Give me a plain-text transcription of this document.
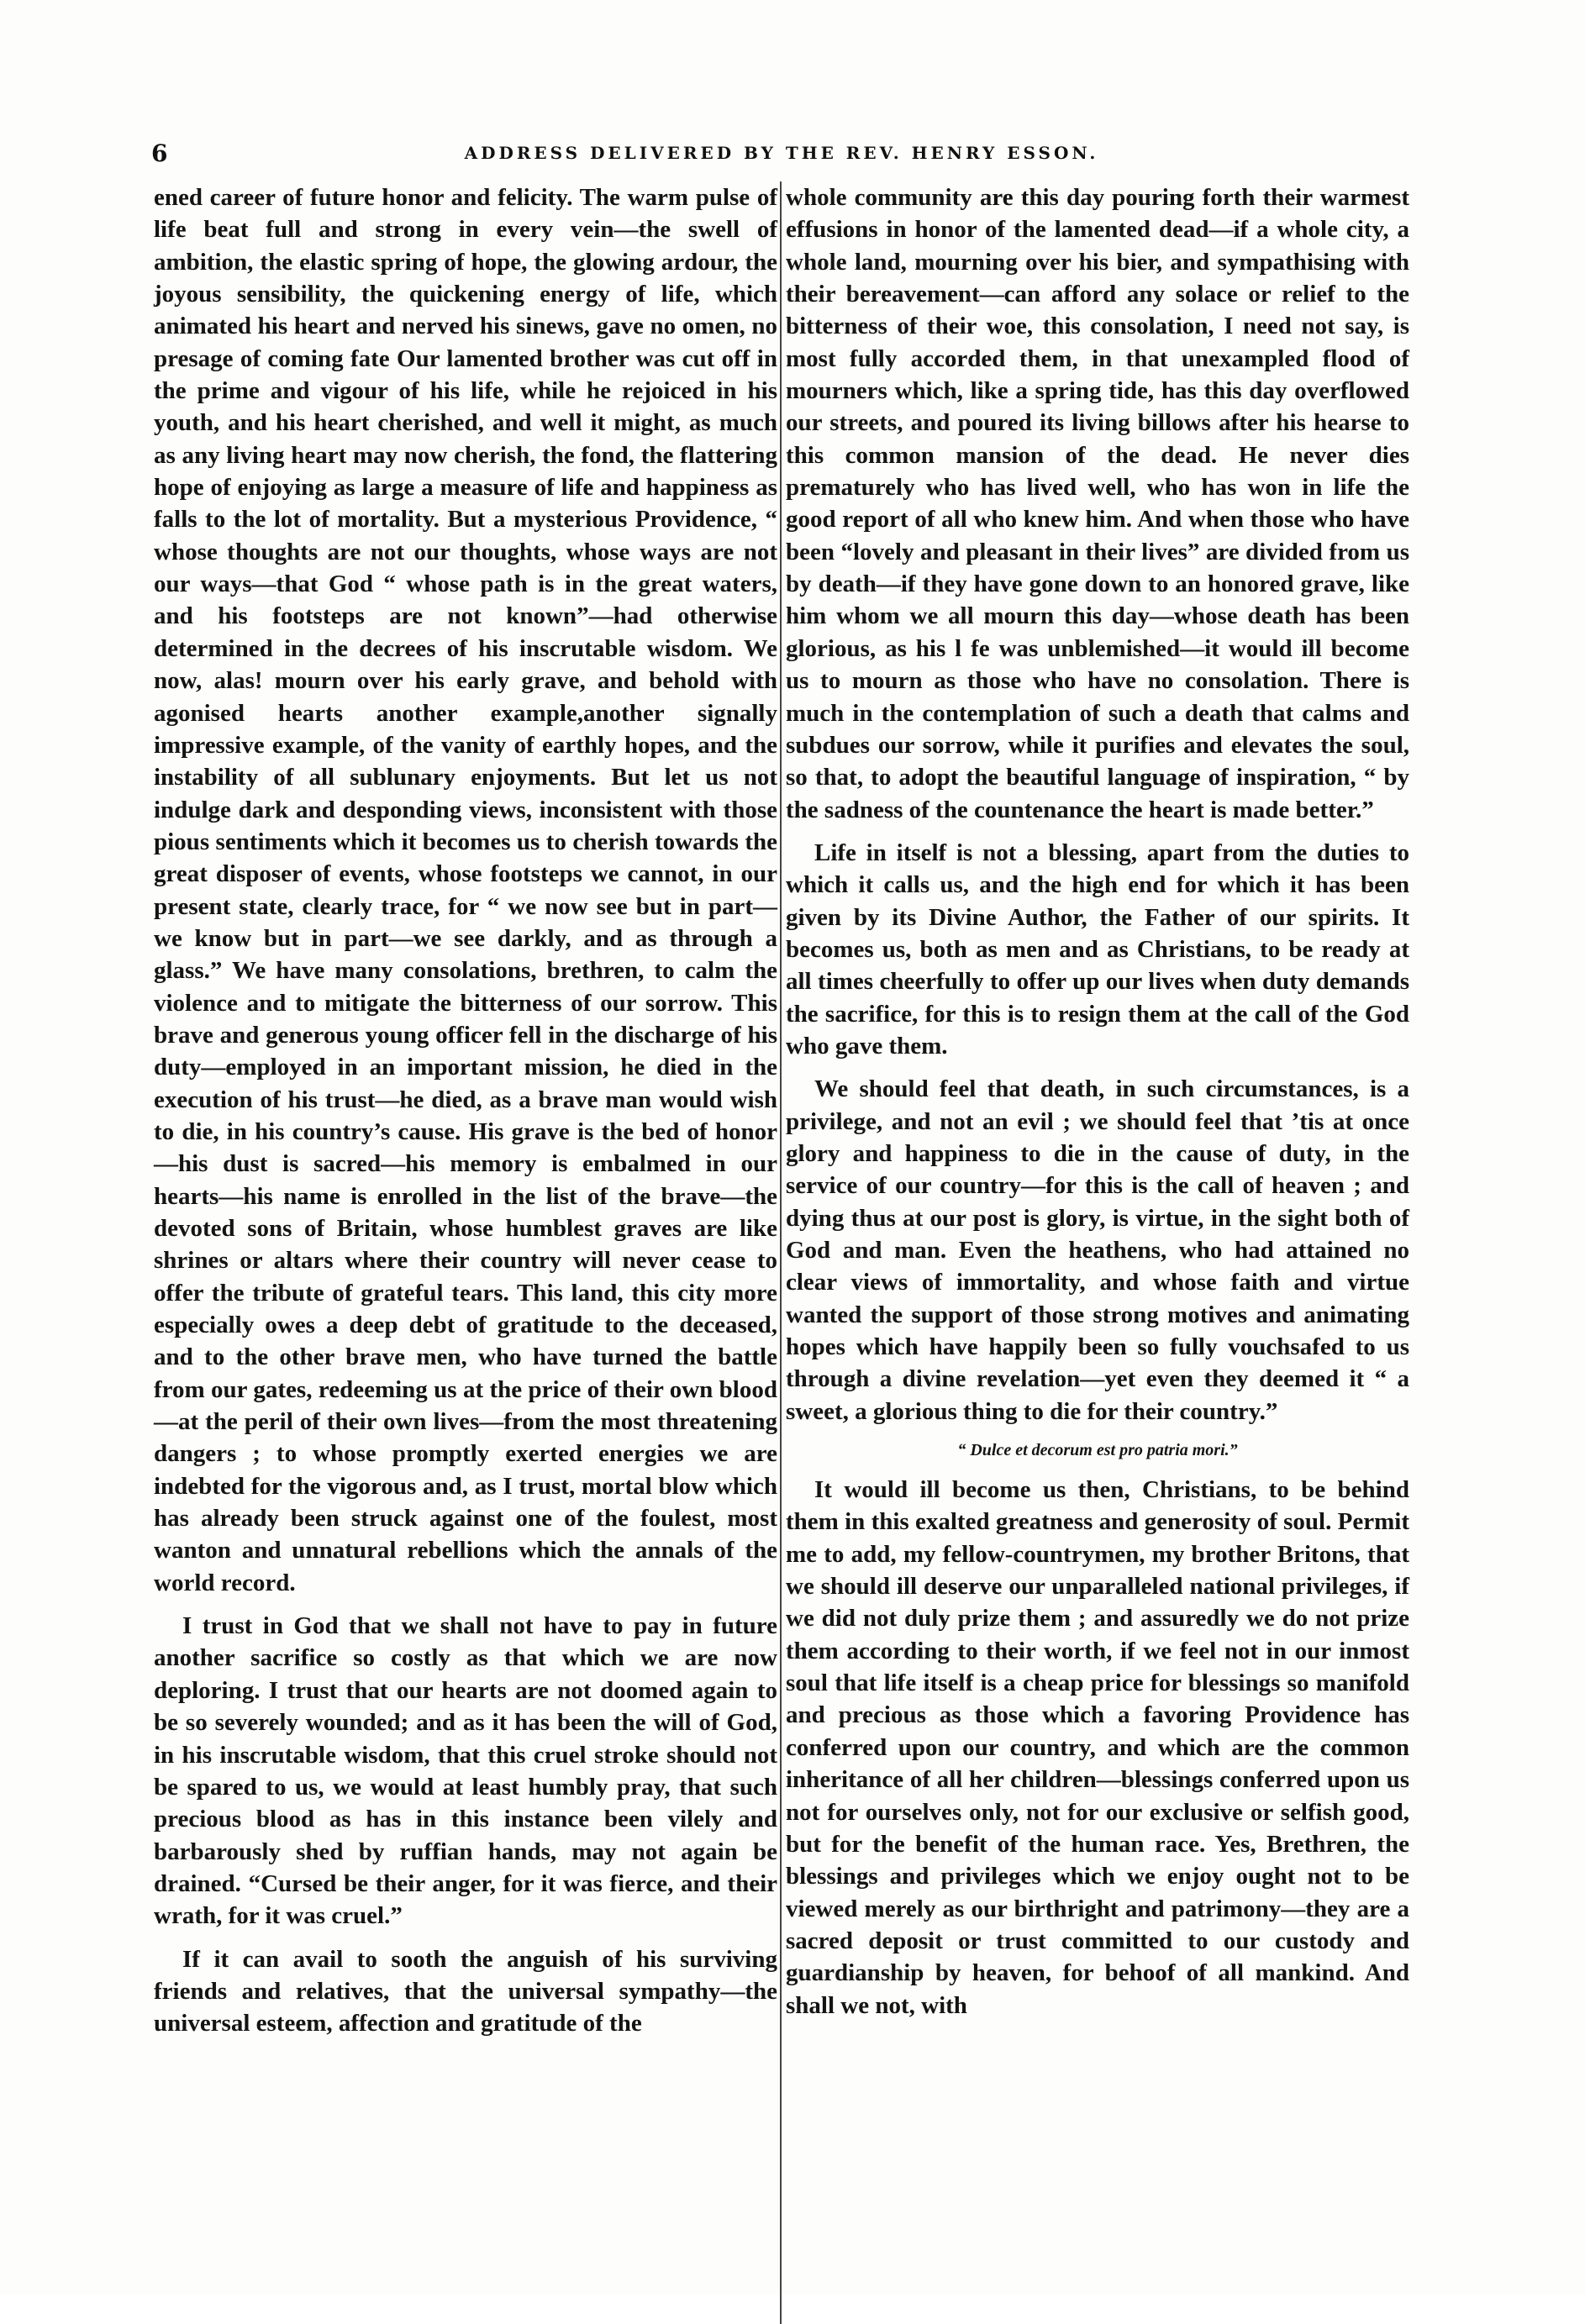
6	ADDRESS DELIVERED BY THE REV. HENRY ESSON.

ened career of future honor and felicity. The warm pulse of life beat full and strong in every vein—the swell of ambition, the elastic spring of hope, the glowing ardour, the joyous sensibility, the quickening energy of life, which animated his heart and nerved his sinews, gave no omen, no presage of coming fate Our lamented brother was cut off in the prime and vigour of his life, while he rejoiced in his youth, and his heart cherished, and well it might, as much as any living heart may now cherish, the fond, the flattering hope of enjoying as large a measure of life and happiness as falls to the lot of mortality. But a mysterious Providence, “ whose thoughts are not our thoughts, whose ways are not our ways—that God “ whose path is in the great waters, and his footsteps are not known”—had otherwise determined in the decrees of his inscrutable wisdom. We now, alas! mourn over his early grave, and behold with agonised hearts another example,another signally impressive example, of the vanity of earthly hopes, and the instability of all sublunary enjoyments. But let us not indulge dark and desponding views, inconsistent with those pious sentiments which it becomes us to cherish towards the great disposer of events, whose footsteps we cannot, in our present state, clearly trace, for “ we now see but in part—we know but in part—we see darkly, and as through a glass.” We have many consolations, brethren, to calm the violence and to mitigate the bitterness of our sorrow. This brave and generous young officer fell in the discharge of his duty—employed in an important mission, he died in the execution of his trust—he died, as a brave man would wish to die, in his country’s cause. His grave is the bed of honor—his dust is sacred—his memory is embalmed in our hearts—his name is enrolled in the list of the brave—the devoted sons of Britain, whose humblest graves are like shrines or altars where their country will never cease to offer the tribute of grateful tears. This land, this city more especially owes a deep debt of gratitude to the deceased, and to the other brave men, who have turned the battle from our gates, redeeming us at the price of their own blood—at the peril of their own lives—from the most threatening dangers ; to whose promptly exerted energies we are indebted for the vigorous and, as I trust, mortal blow which has already been struck against one of the foulest, most wanton and unnatural rebellions which the annals of the world record.

I trust in God that we shall not have to pay in future another sacrifice so costly as that which we are now deploring. I trust that our hearts are not doomed again to be so severely wounded; and as it has been the will of God, in his inscrutable wisdom, that this cruel stroke should not be spared to us, we would at least humbly pray, that such precious blood as has in this instance been vilely and barbarously shed by ruffian hands, may not again be drained. “Cursed be their anger, for it was fierce, and their wrath, for it was cruel.”

If it can avail to sooth the anguish of his surviving friends and relatives, that the universal sympathy—the universal esteem, affection and gratitude of the

whole community are this day pouring forth their warmest effusions in honor of the lamented dead—if a whole city, a whole land, mourning over his bier, and sympathising with their bereavement—can afford any solace or relief to the bitterness of their woe, this consolation, I need not say, is most fully accorded them, in that unexampled flood of mourners which, like a spring tide, has this day overflowed our streets, and poured its living billows after his hearse to this common mansion of the dead. He never dies prematurely who has lived well, who has won in life the good report of all who knew him. And when those who have been “lovely and pleasant in their lives” are divided from us by death—if they have gone down to an honored grave, like him whom we all mourn this day—whose death has been glorious, as his l fe was unblemished—it would ill become us to mourn as those who have no consolation. There is much in the contemplation of such a death that calms and subdues our sorrow, while it purifies and elevates the soul, so that, to adopt the beautiful language of inspiration, “ by the sadness of the countenance the heart is made better.”

Life in itself is not a blessing, apart from the duties to which it calls us, and the high end for which it has been given by its Divine Author, the Father of our spirits. It becomes us, both as men and as Christians, to be ready at all times cheerfully to offer up our lives when duty demands the sacrifice, for this is to resign them at the call of the God who gave them.

We should feel that death, in such circumstances, is a privilege, and not an evil ; we should feel that ’tis at once glory and happiness to die in the cause of duty, in the service of our country—for this is the call of heaven ; and dying thus at our post is glory, is virtue, in the sight both of God and man. Even the heathens, who had attained no clear views of immortality, and whose faith and virtue wanted the support of those strong motives and animating hopes which have happily been so fully vouchsafed to us through a divine revelation—yet even they deemed it “ a sweet, a glorious thing to die for their country.”

“ Dulce et decorum est pro patria mori.”

It would ill become us then, Christians, to be behind them in this exalted greatness and generosity of soul. Permit me to add, my fellow-countrymen, my brother Britons, that we should ill deserve our unparalleled national privileges, if we did not duly prize them ; and assuredly we do not prize them according to their worth, if we feel not in our inmost soul that life itself is a cheap price for blessings so manifold and precious as those which a favoring Providence has conferred upon our country, and which are the common inheritance of all her children—blessings conferred upon us not for ourselves only, not for our exclusive or selfish good, but for the benefit of the human race. Yes, Brethren, the blessings and privileges which we enjoy ought not to be viewed merely as our birthright and patrimony—they are a sacred deposit or trust committed to our custody and guardianship by heaven, for behoof of all mankind. And shall we not, with
